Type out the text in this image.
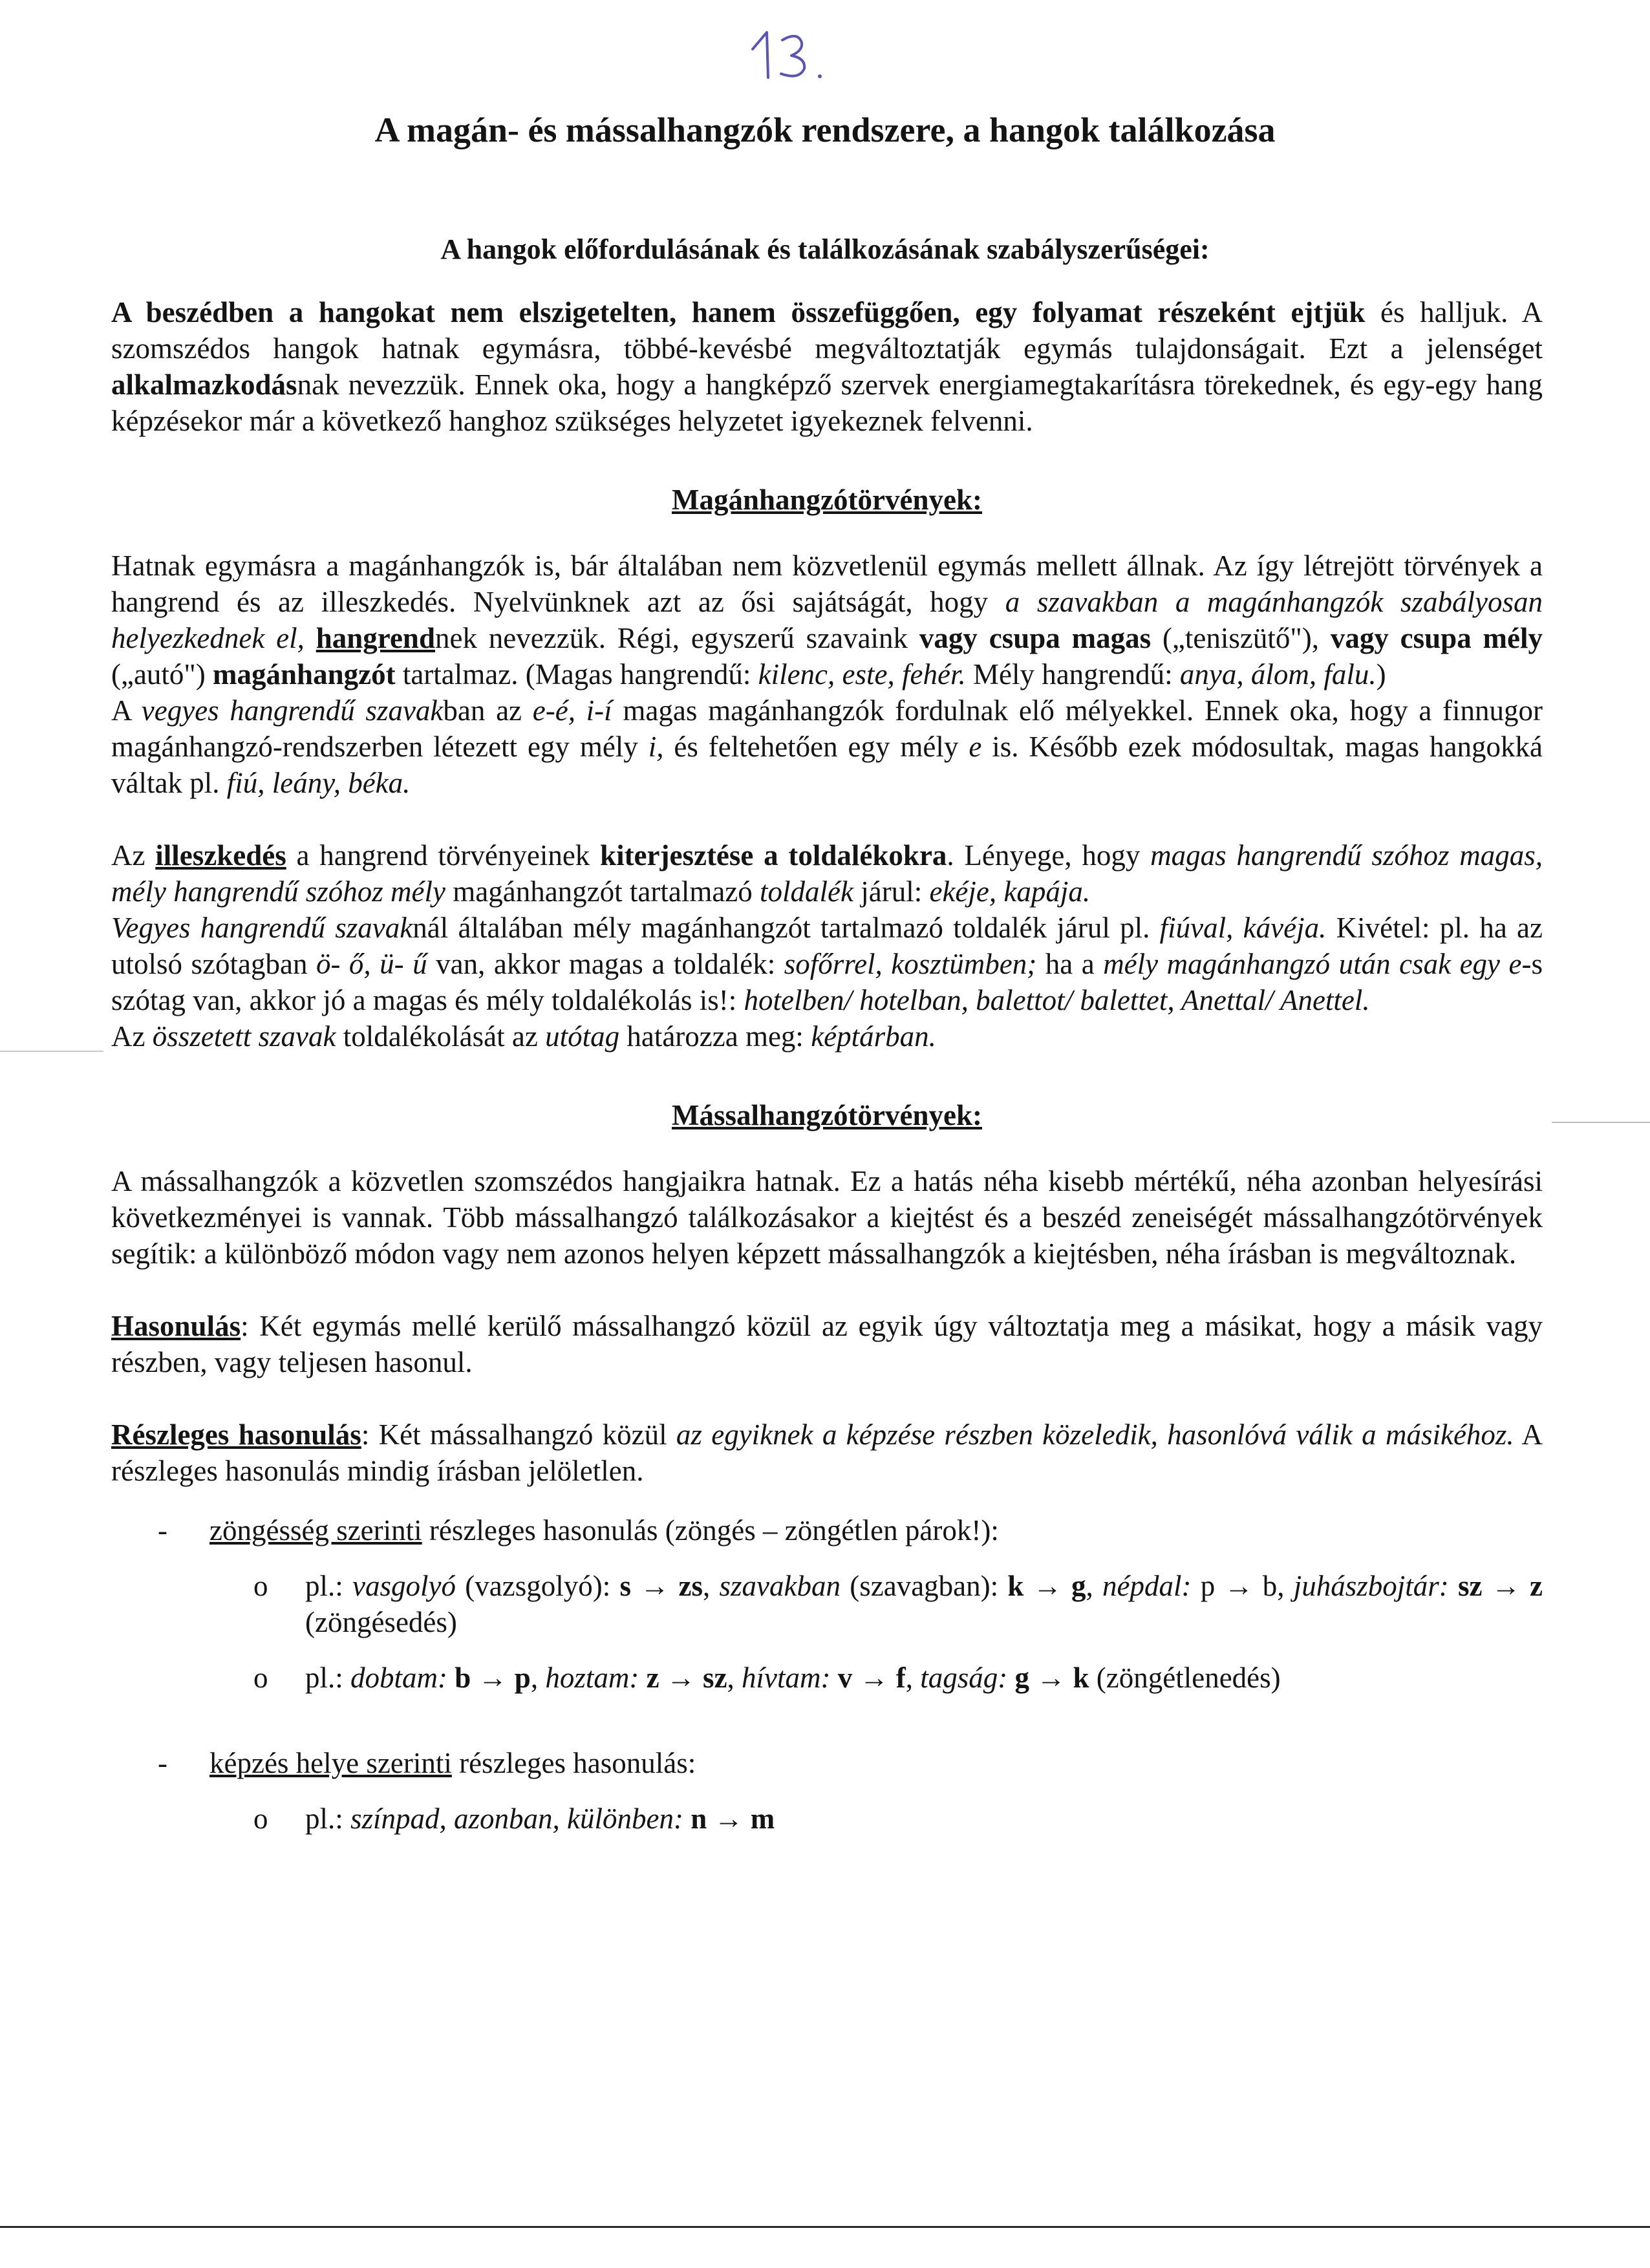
A magán- és mássalhangzók rendszere, a hangok találkozása
A hangok előfordulásának és találkozásának szabályszerűségei:

A beszédben a hangokat nem elszigetelten, hanem összefüggően, egy folyamat részeként ejtjük és halljuk. A szomszédos hangok hatnak egymásra, többé-kevésbé megváltoztatják egymás tulajdonságait. Ezt a jelenséget alkalmazkodásnak nevezzük. Ennek oka, hogy a hangképző szervek energiamegtakarításra törekednek, és egy-egy hang képzésekor már a következő hanghoz szükséges helyzetet igyekeznek felvenni.

Magánhangzótörvények:

Hatnak egymásra a magánhangzók is, bár általában nem közvetlenül egymás mellett állnak. Az így létrejött törvények a hangrend és az illeszkedés. Nyelvünknek azt az ősi sajátságát, hogy a szavakban a magánhangzók szabályosan helyezkednek el, hangrendnek nevezzük. Régi, egyszerű szavaink vagy csupa magas („teniszütő"), vagy csupa mély („autó") magánhangzót tartalmaz. (Magas hangrendű: kilenc, este, fehér. Mély hangrendű: anya, álom, falu.)
A vegyes hangrendű szavakban az e-é, i-í magas magánhangzók fordulnak elő mélyekkel. Ennek oka, hogy a finnugor magánhangzó-rendszerben létezett egy mély i, és feltehetően egy mély e is. Később ezek módosultak, magas hangokká váltak pl. fiú, leány, béka.

Az illeszkedés a hangrend törvényeinek kiterjesztése a toldalékokra. Lényege, hogy magas hangrendű szóhoz magas, mély hangrendű szóhoz mély magánhangzót tartalmazó toldalék járul: ekéje, kapája.
Vegyes hangrendű szavaknál általában mély magánhangzót tartalmazó toldalék járul pl. fiúval, kávéja. Kivétel: pl. ha az utolsó szótagban ö- ő, ü- ű van, akkor magas a toldalék: sofőrrel, kosztümben; ha a mély magánhangzó után csak egy e-s szótag van, akkor jó a magas és mély toldalékolás is!: hotelben/ hotelban, balettot/ balettet, Anettal/ Anettel.
Az összetett szavak toldalékolását az utótag határozza meg: képtárban.

Mássalhangzótörvények:

A mássalhangzók a közvetlen szomszédos hangjaikra hatnak. Ez a hatás néha kisebb mértékű, néha azonban helyesírási következményei is vannak. Több mássalhangzó találkozásakor a kiejtést és a beszéd zeneiségét mássalhangzótörvények segítik: a különböző módon vagy nem azonos helyen képzett mássalhangzók a kiejtésben, néha írásban is megváltoznak.

Hasonulás: Két egymás mellé kerülő mássalhangzó közül az egyik úgy változtatja meg a másikat, hogy a másik vagy részben, vagy teljesen hasonul.

Részleges hasonulás: Két mássalhangzó közül az egyiknek a képzése részben közeledik, hasonlóvá válik a másikéhoz. A részleges hasonulás mindig írásban jelöletlen.

- zöngésség szerinti részleges hasonulás (zöngés – zöngétlen párok!):

o pl.: vasgolyó (vazsgolyó): s → zs, szavakban (szavagban): k → g, népdal: p → b, juhászbojtár: sz → z (zöngésedés)

o pl.: dobtam: b → p, hoztam: z → sz, hívtam: v → f, tagság: g → k (zöngétlenedés)

- képzés helye szerinti részleges hasonulás:

o pl.: színpad, azonban, különben: n → m
